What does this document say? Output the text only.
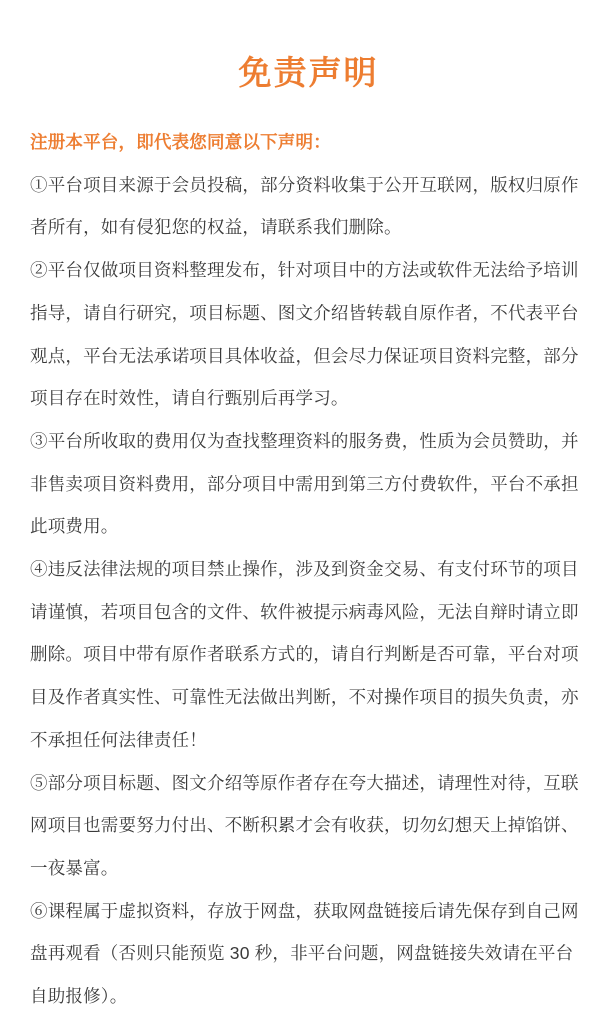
免责声明

注册本平台，即代表您同意以下声明：

①平台项目来源于会员投稿，部分资料收集于公开互联网，版权归原作者所有，如有侵犯您的权益，请联系我们删除。

②平台仅做项目资料整理发布，针对项目中的方法或软件无法给予培训指导，请自行研究，项目标题、图文介绍皆转载自原作者，不代表平台观点，平台无法承诺项目具体收益，但会尽力保证项目资料完整，部分项目存在时效性，请自行甄别后再学习。

③平台所收取的费用仅为查找整理资料的服务费，性质为会员赞助，并非售卖项目资料费用，部分项目中需用到第三方付费软件，平台不承担此项费用。

④违反法律法规的项目禁止操作，涉及到资金交易、有支付环节的项目请谨慎，若项目包含的文件、软件被提示病毒风险，无法自辩时请立即删除。项目中带有原作者联系方式的，请自行判断是否可靠，平台对项目及作者真实性、可靠性无法做出判断，不对操作项目的损失负责，亦不承担任何法律责任！

⑤部分项目标题、图文介绍等原作者存在夸大描述，请理性对待，互联网项目也需要努力付出、不断积累才会有收获，切勿幻想天上掉馅饼、一夜暴富。

⑥课程属于虚拟资料，存放于网盘，获取网盘链接后请先保存到自己网盘再观看（否则只能预览 30 秒，非平台问题，网盘链接失效请在平台自助报修）。
